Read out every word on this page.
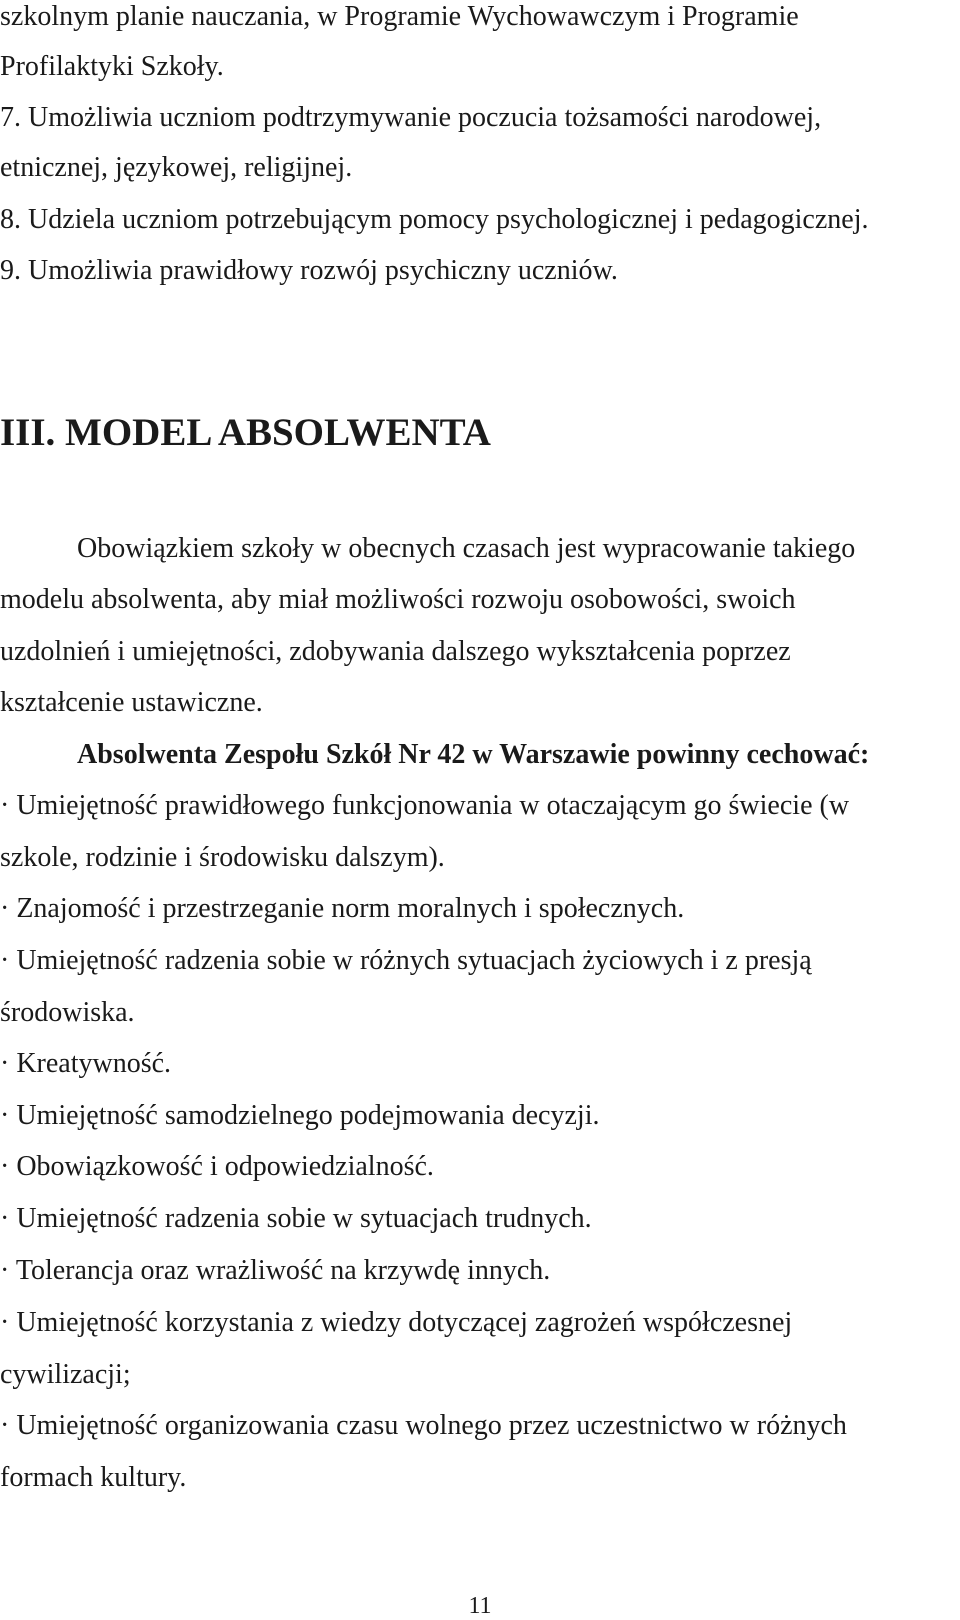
szkolnym planie nauczania, w Programie Wychowawczym i Programie
Profilaktyki Szkoły.
7. Umożliwia uczniom podtrzymywanie poczucia tożsamości narodowej,
etnicznej, językowej, religijnej.
8. Udziela uczniom potrzebującym pomocy psychologicznej i pedagogicznej.
9. Umożliwia prawidłowy rozwój psychiczny uczniów.
III. MODEL ABSOLWENTA
Obowiązkiem szkoły w obecnych czasach jest wypracowanie takiego
modelu absolwenta, aby miał możliwości rozwoju osobowości, swoich
uzdolnień i umiejętności, zdobywania dalszego wykształcenia poprzez
kształcenie ustawiczne.
Absolwenta Zespołu Szkół Nr 42 w Warszawie powinny cechować:
· Umiejętność prawidłowego funkcjonowania w otaczającym go świecie (w
szkole, rodzinie i środowisku dalszym).
· Znajomość i przestrzeganie norm moralnych i społecznych.
· Umiejętność radzenia sobie w różnych sytuacjach życiowych i z presją
środowiska.
· Kreatywność.
· Umiejętność samodzielnego podejmowania decyzji.
· Obowiązkowość i odpowiedzialność.
· Umiejętność radzenia sobie w sytuacjach trudnych.
· Tolerancja oraz wrażliwość na krzywdę innych.
· Umiejętność korzystania z wiedzy dotyczącej zagrożeń współczesnej
cywilizacji;
· Umiejętność organizowania czasu wolnego przez uczestnictwo w różnych
formach kultury.
11
